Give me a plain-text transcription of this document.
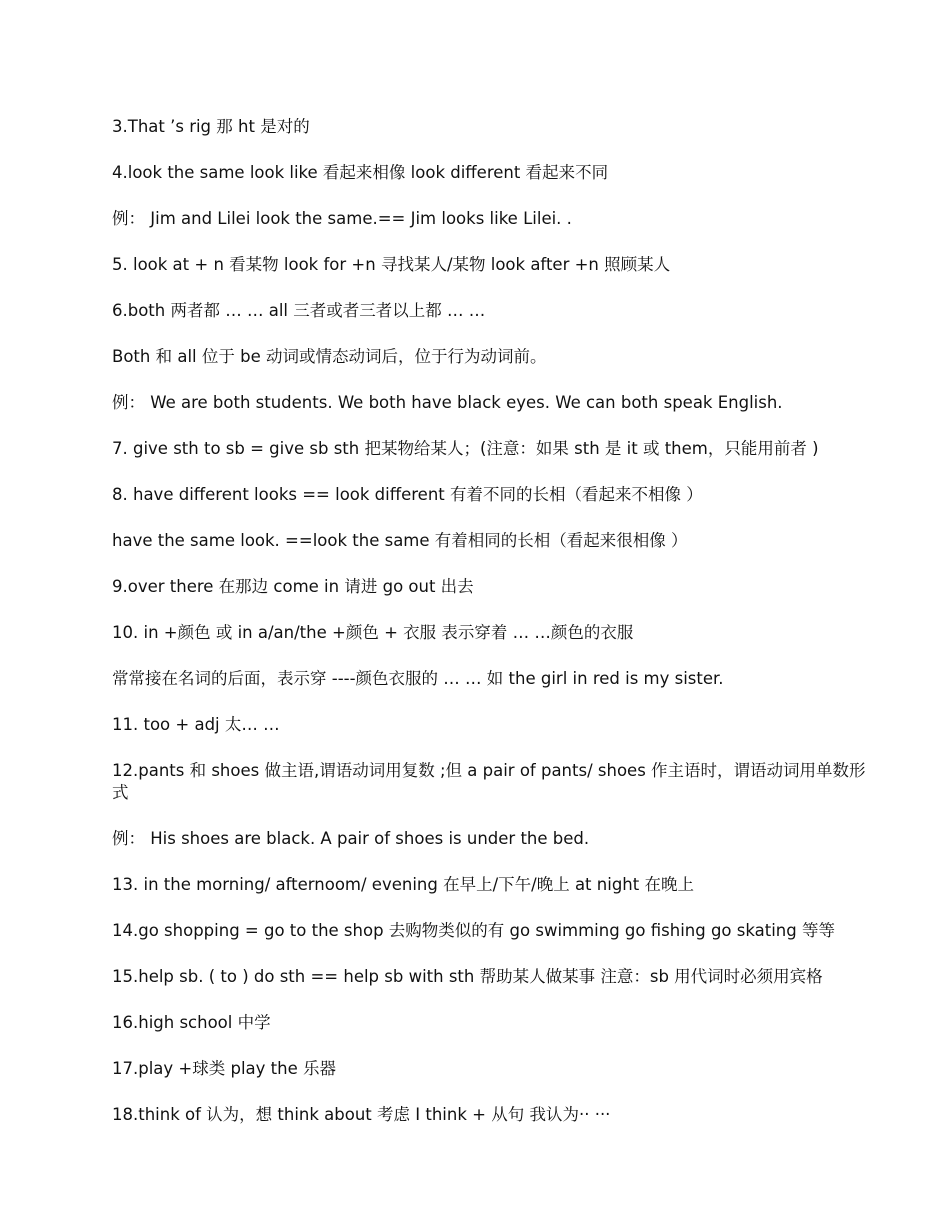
3.That ’s rig 那 ht 是对的

4.look the same look like 看起来相像 look different 看起来不同

例： Jim and Lilei look the same.== Jim looks like Lilei. .

5. look at + n 看某物 look for +n 寻找某人/某物 look after +n 照顾某人

6.both 两者都 … … all 三者或者三者以上都 … …

Both 和 all 位于 be 动词或情态动词后，位于行为动词前。

例： We are both students. We both have black eyes. We can both speak English.

7. give sth to sb = give sb sth 把某物给某人；(注意：如果 sth 是 it 或 them，只能用前者 )

8. have different looks == look different 有着不同的长相（看起来不相像 ）

have the same look. ==look the same 有着相同的长相（看起来很相像 ）

9.over there 在那边 come in 请进 go out 出去

10. in +颜色 或 in a/an/the +颜色 + 衣服 表示穿着 … …颜色的衣服

常常接在名词的后面，表示穿 ----颜色衣服的 … … 如 the girl in red is my sister.

11. too + adj 太… …

12.pants 和 shoes 做主语,谓语动词用复数 ;但 a pair of pants/ shoes 作主语时，谓语动词用单数形式

例： His shoes are black. A pair of shoes is under the bed.

13. in the morning/ afternoom/ evening 在早上/下午/晚上 at night 在晚上

14.go shopping = go to the shop 去购物类似的有 go swimming go fishing go skating 等等

15.help sb. ( to ) do sth == help sb with sth 帮助某人做某事 注意：sb 用代词时必须用宾格

16.high school 中学

17.play +球类 play the 乐器

18.think of 认为，想 think about 考虑 I think + 从句 我认为·· ···
